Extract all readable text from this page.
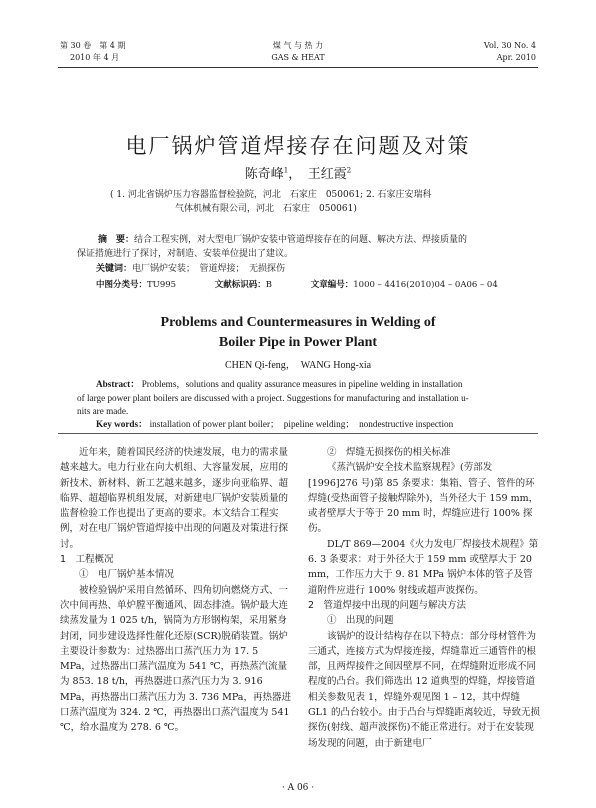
第 30 卷　第 4 期
2010 年 4 月
煤 气 与 热 力
GAS & HEAT
Vol. 30 No. 4
Apr. 2010
电厂锅炉管道焊接存在问题及对策
陈奇峰$^1$，　王红霞$^2$
( 1. 河北省锅炉压力容器监督检验院，河北　石家庄　050061; 2. 石家庄安瑞科
气体机械有限公司，河北　石家庄　050061)
摘　要：结合工程实例，对大型电厂锅炉安装中管道焊接存在的问题、解决方法、焊接质量的
保证措施进行了探讨，对制造、安装单位提出了建议。
关键词：电厂锅炉安装；　管道焊接；　无损探伤
中图分类号：TU995	文献标识码：B	文章编号：1000 – 4416(2010)04 – 0A06 – 04
Problems and Countermeasures in Welding of
Boiler Pipe in Power Plant
CHEN Qi-feng，　WANG Hong-xia
Abstract： Problems，solutions and quality assurance measures in pipeline welding in installation
of large power plant boilers are discussed with a project. Suggestions for manufacturing and installation u-
nits are made.
Key words： installation of power plant boiler；　pipeline welding；　nondestructive inspection

近年来，随着国民经济的快速发展，电力的需求量越来越大。电力行业在向大机组、大容量发展，应用的新技术、新材料、新工艺越来越多，逐步向亚临界、超临界、超超临界机组发展，对新建电厂锅炉安装质量的监督检验工作也提出了更高的要求。本文结合工程实例，对在电厂锅炉管道焊接中出现的问题及对策进行探讨。

1　工程概况

①　电厂锅炉基本情况

被检验锅炉采用自然循环、四角切向燃烧方式、一次中间再热、单炉膛平衡通风、固态排渣。锅炉最大连续蒸发量为 1 025 t/h，锅筒为方形钢构架，采用紧身封闭，同步建设选择性催化还原(SCR)脱硝装置。锅炉主要设计参数为：过热器出口蒸汽压力为 17. 5 MPa，过热器出口蒸汽温度为 541 ℃，再热蒸汽流量为 853. 18 t/h，再热器进口蒸汽压力为 3. 916 MPa，再热器出口蒸汽压力为 3. 736 MPa，再热器进口蒸汽温度为 324. 2 ℃，再热器出口蒸汽温度为 541 ℃，给水温度为 278. 6 ℃。

②　焊缝无损探伤的相关标准

《蒸汽锅炉安全技术监察规程》(劳部发[1996]276 号)第 85 条要求：集箱、管子、管件的环焊缝(受热面管子接触焊除外)，当外径大于 159 mm，或者壁厚大于等于 20 mm 时，焊缝应进行 100% 探伤。

DL/T 869—2004《火力发电厂焊接技术规程》第 6. 3 条要求：对于外径大于 159 mm 或壁厚大于 20 mm，工作压力大于 9. 81 MPa 锅炉本体的管子及管道附件应进行 100% 射线或超声波探伤。

2　管道焊接中出现的问题与解决方法

①　出现的问题

该锅炉的设计结构存在以下特点：部分母材管件为三通式，连接方式为焊接连接，焊缝靠近三通管件的根部，且两焊接件之间因壁厚不同，在焊缝附近形成不同程度的凸台。我们筛选出 12 道典型的焊缝，焊接管道相关参数见表 1，焊缝外观见图 1 – 12，其中焊缝 GL1 的凸台较小。由于凸台与焊缝距离较近，导致无损探伤(射线、超声波探伤)不能正常进行。对于在安装现场发现的问题，由于新建电厂

· A 06 ·
